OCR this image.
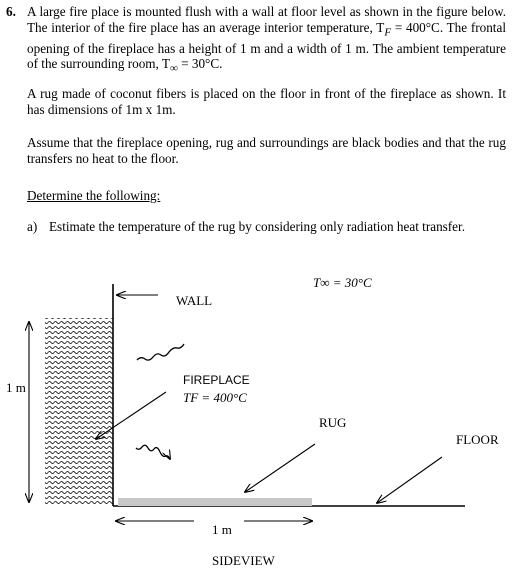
6. A large fire place is mounted flush with a wall at floor level as shown in the figure below. The interior of the fire place has an average interior temperature, $T_F = 400^\circ C$. The frontal opening of the fireplace has a height of 1 m and a width of 1 m. The ambient temperature of the surrounding room, $T_\infty = 30^\circ C$.

A rug made of coconut fibers is placed on the floor in front of the fireplace as shown. It has dimensions of 1m x 1m.

Assume that the fireplace opening, rug and surroundings are black bodies and that the rug transfers no heat to the floor.

Determine the following:

a) Estimate the temperature of the rug by considering only radiation heat transfer.
T∞ = 30°C
WALL
FIREPLACE
TF = 400°C
RUG
FLOOR
1 m
1 m
SIDEVIEW
